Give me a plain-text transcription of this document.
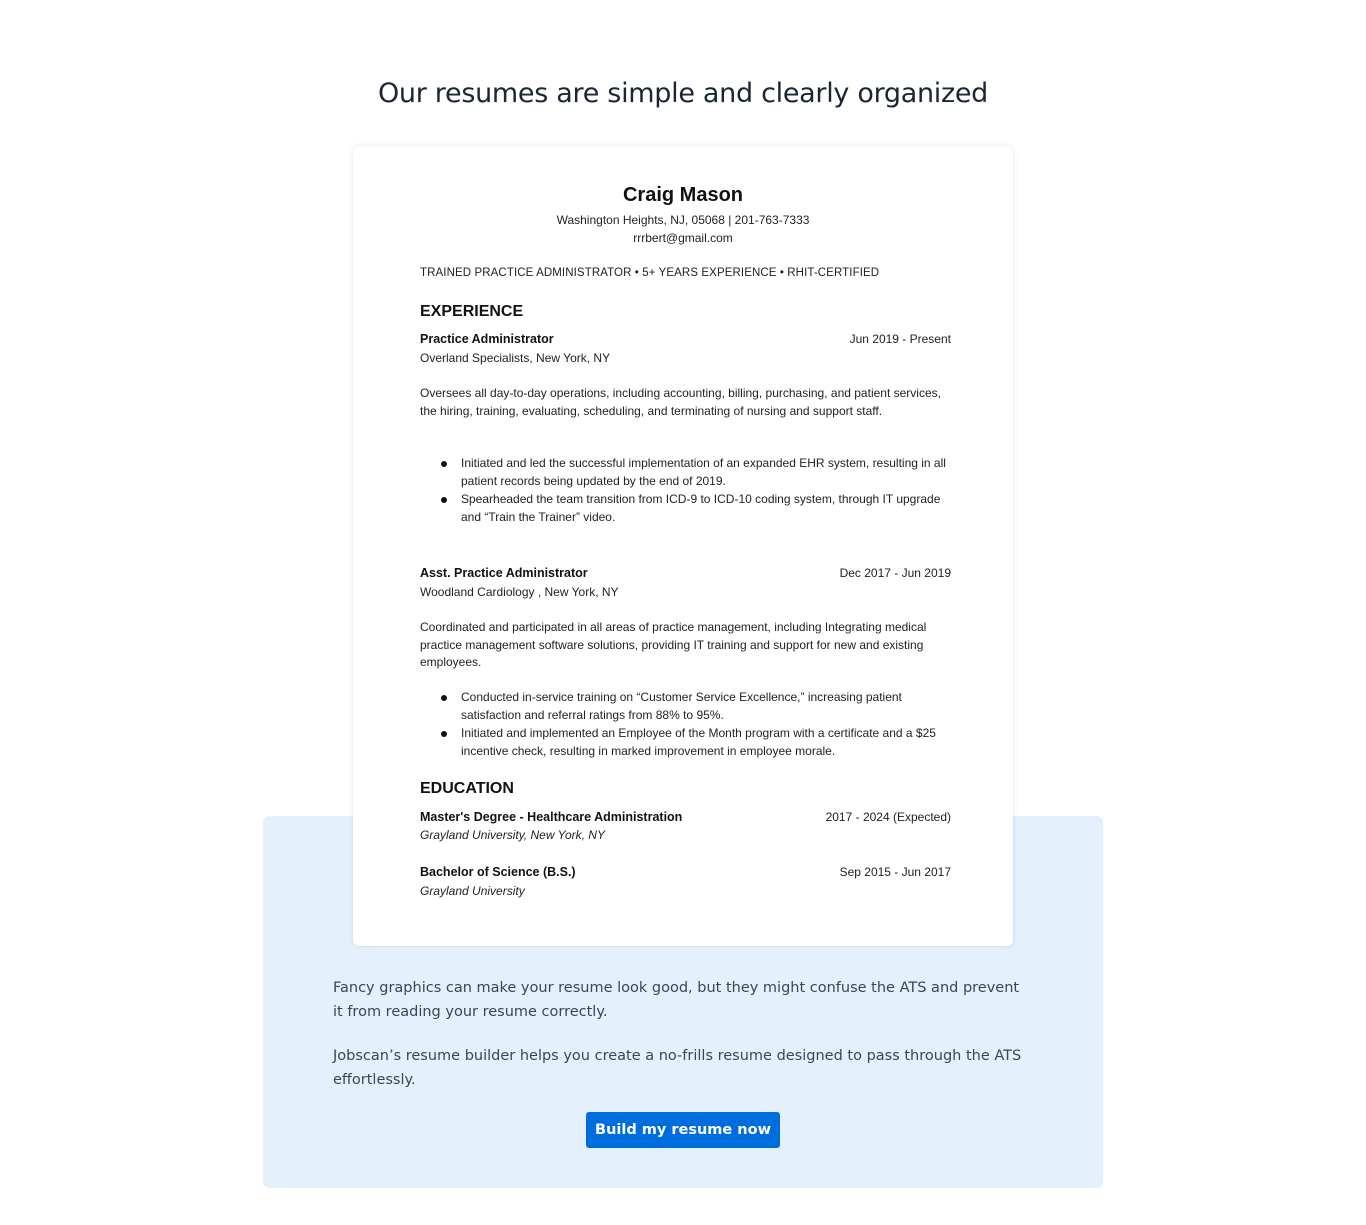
Our resumes are simple and clearly organized
Craig Mason
Washington Heights, NJ, 05068 | 201-763-7333
rrrbert@gmail.com
TRAINED PRACTICE ADMINISTRATOR • 5+ YEARS EXPERIENCE • RHIT-CERTIFIED
EXPERIENCE
Practice Administrator	Jun 2019 - Present
Overland Specialists, New York, NY
Oversees all day-to-day operations, including accounting, billing, purchasing, and patient services, the hiring, training, evaluating, scheduling, and terminating of nursing and support staff.
Initiated and led the successful implementation of an expanded EHR system, resulting in all patient records being updated by the end of 2019.
Spearheaded the team transition from ICD-9 to ICD-10 coding system, through IT upgrade and “Train the Trainer” video.
Asst. Practice Administrator	Dec 2017 - Jun 2019
Woodland Cardiology , New York, NY
Coordinated and participated in all areas of practice management, including Integrating medical practice management software solutions, providing IT training and support for new and existing employees.
Conducted in-service training on “Customer Service Excellence,” increasing patient satisfaction and referral ratings from 88% to 95%.
Initiated and implemented an Employee of the Month program with a certificate and a $25 incentive check, resulting in marked improvement in employee morale.
EDUCATION
Master's Degree - Healthcare Administration	2017 - 2024 (Expected)
Grayland University, New York, NY
Bachelor of Science (B.S.)	Sep 2015 - Jun 2017
Grayland University

Fancy graphics can make your resume look good, but they might confuse the ATS and prevent it from reading your resume correctly.

Jobscan’s resume builder helps you create a no-frills resume designed to pass through the ATS effortlessly.

Build my resume now
